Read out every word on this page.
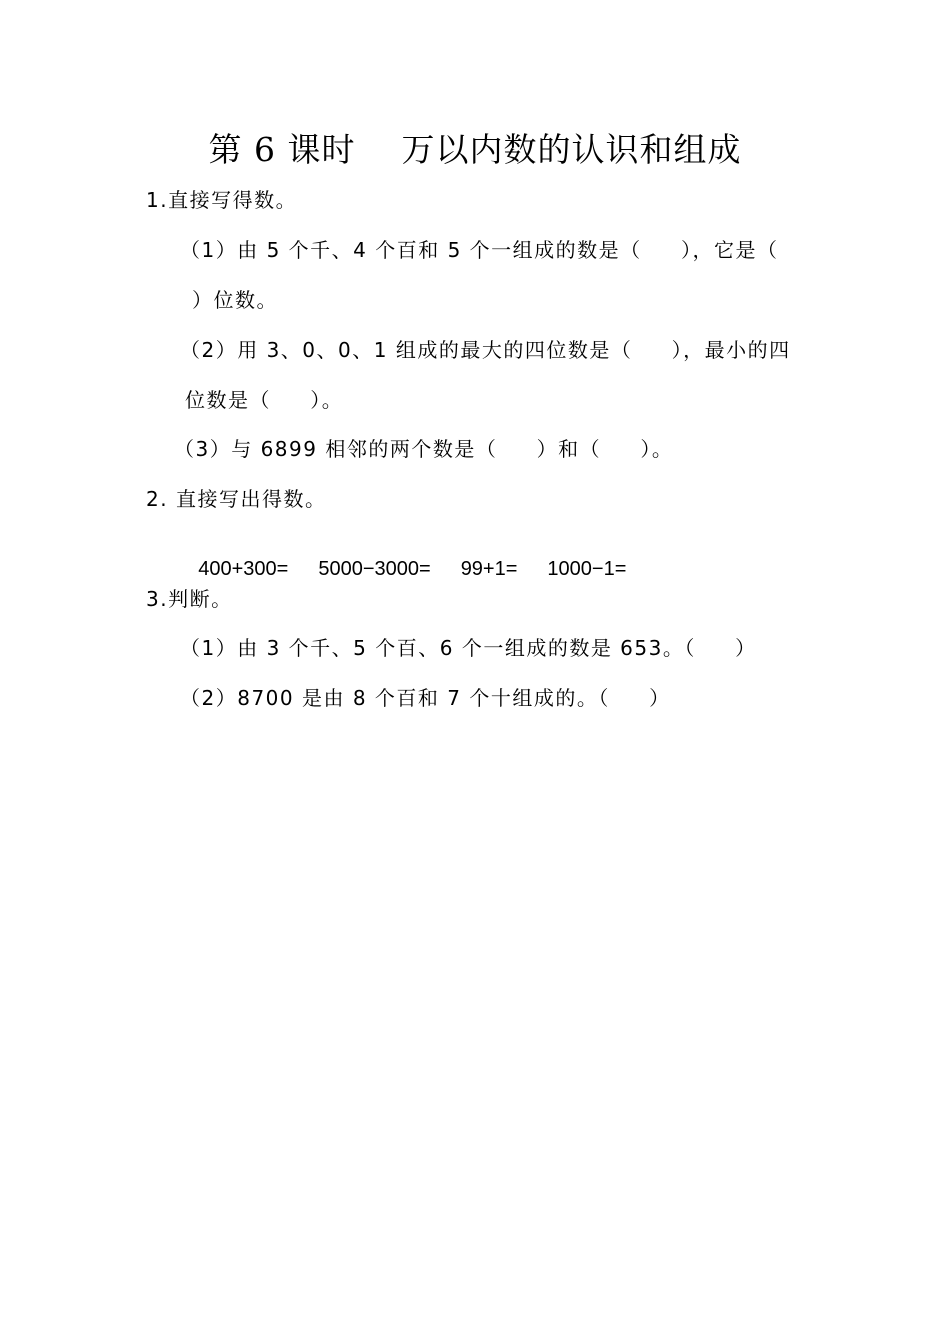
第 6 课时    万以内数的认识和组成
1.直接写得数。
（1）由 5 个千、4 个百和 5 个一组成的数是（     ），它是（
）位数。
（2）用 3、0、0、1 组成的最大的四位数是（     ），最小的四
位数是（     ）。
（3）与 6899 相邻的两个数是（     ）和（     ）。
2. 直接写出得数。

400+300= 5000−3000= 99+1= 1000−1=

3.判断。
（1）由 3 个千、5 个百、6 个一组成的数是 653。（     ）
（2）8700 是由 8 个百和 7 个十组成的。（     ）
